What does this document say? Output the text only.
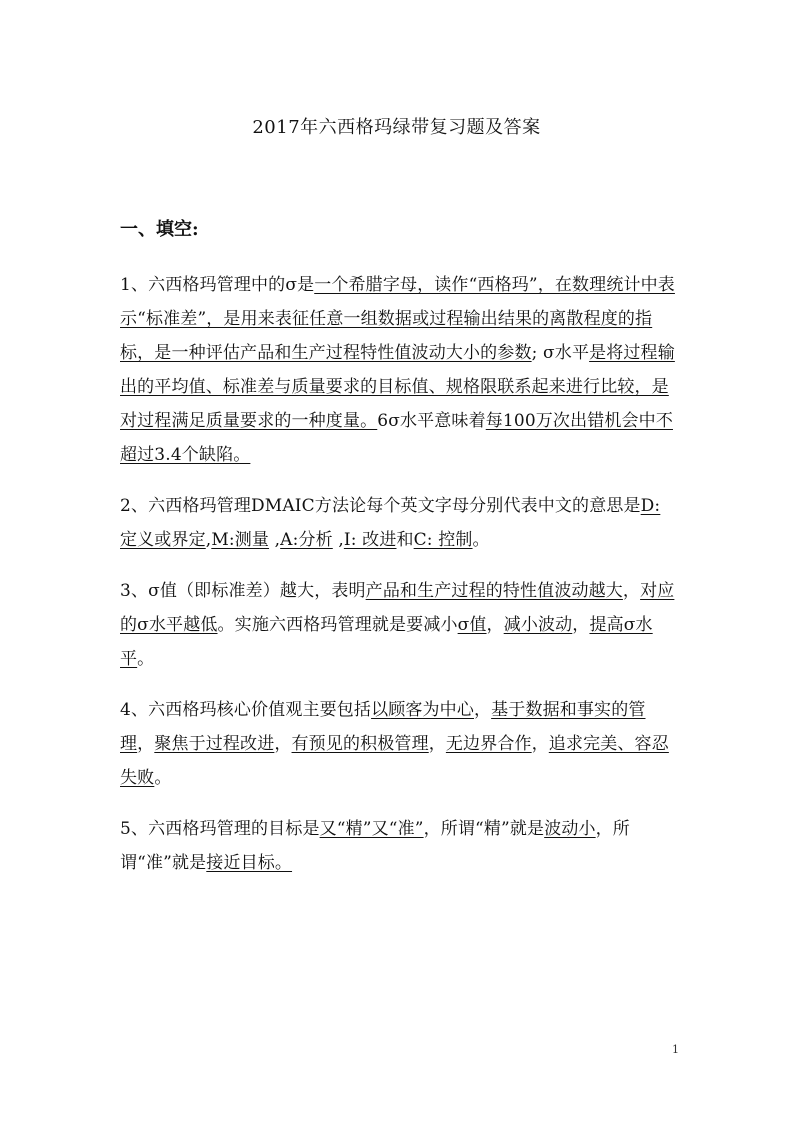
2017年六西格玛绿带复习题及答案
一、填空:

1、六西格玛管理中的σ是一个希腊字母，读作“西格玛”，在数理统计中表示“标准差”，是用来表征任意一组数据或过程输出结果的离散程度的指标，是一种评估产品和生产过程特性值波动大小的参数; σ水平是将过程输出的平均值、标准差与质量要求的目标值、规格限联系起来进行比较，是对过程满足质量要求的一种度量。6σ水平意味着每100万次出错机会中不超过3.4个缺陷。

2、六西格玛管理DMAIC方法论每个英文字母分别代表中文的意思是D:定义或界定,M:测量 ,A:分析 ,I: 改进和C: 控制。

3、σ值（即标准差）越大，表明产品和生产过程的特性值波动越大，对应的σ水平越低。实施六西格玛管理就是要减小σ值，减小波动，提高σ水平。

4、六西格玛核心价值观主要包括以顾客为中心，基于数据和事实的管理，聚焦于过程改进，有预见的积极管理，无边界合作，追求完美、容忍失败。

5、六西格玛管理的目标是又“精”又“准”，所谓“精”就是波动小，所谓“准”就是接近目标。

1
